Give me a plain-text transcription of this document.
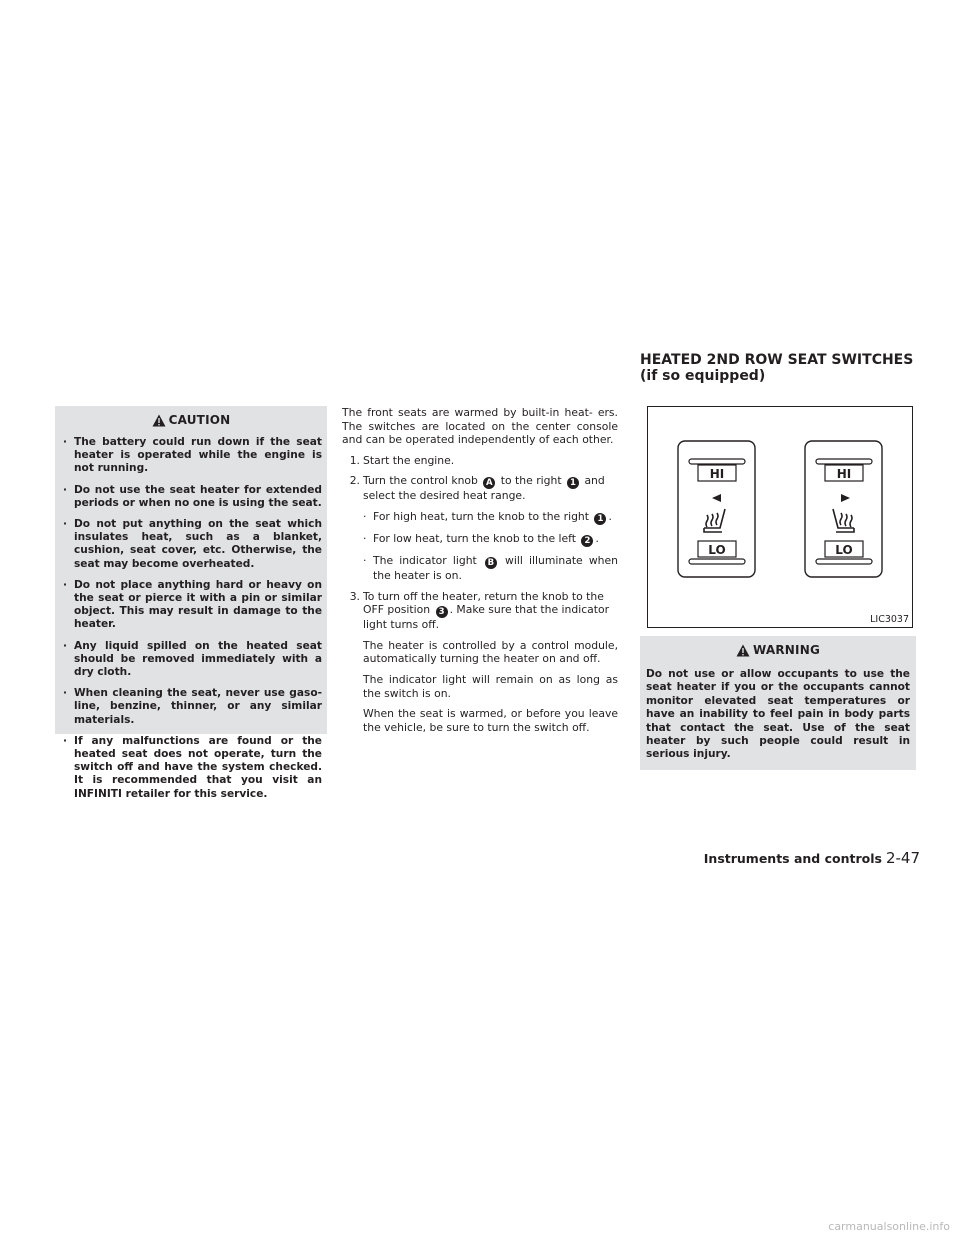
CAUTION
· The battery could run down if the seat heater is operated while the engine is not running.
· Do not use the seat heater for extended periods or when no one is using the seat.
· Do not put anything on the seat which insulates heat, such as a blanket, cushion, seat cover, etc. Otherwise, the seat may become overheated.
· Do not place anything hard or heavy on the seat or pierce it with a pin or similar object. This may result in damage to the heater.
· Any liquid spilled on the heated seat should be removed immediately with a dry cloth.
· When cleaning the seat, never use gaso- line, benzine, thinner, or any similar materials.
· If any malfunctions are found or the heated seat does not operate, turn the switch off and have the system checked. It is recommended that you visit an INFINITI retailer for this service.

The front seats are warmed by built-in heat- ers. The switches are located on the center console and can be operated independently of each other.

1. Start the engine.

2. Turn the control knob A to the right 1 and select the desired heat range.

· For high heat, turn the knob to the right 1 .
· For low heat, turn the knob to the left 2 .
· The indicator light B will illuminate when the heater is on.

3. To turn off the heater, return the knob to the OFF position 3 . Make sure that the indicator light turns off.

The heater is controlled by a control module, automatically turning the heater on and off.

The indicator light will remain on as long as the switch is on.

When the seat is warmed, or before you leave the vehicle, be sure to turn the switch off.

HEATED 2ND ROW SEAT SWITCHES
(if so equipped)
HI
LO
HI
LO
LIC3037
WARNING

Do not use or allow occupants to use the seat heater if you or the occupants cannot monitor elevated seat temperatures or have an inability to feel pain in body parts that contact the seat. Use of the seat heater by such people could result in serious injury.

Instruments and controls 2-47
carmanualsonline.info
